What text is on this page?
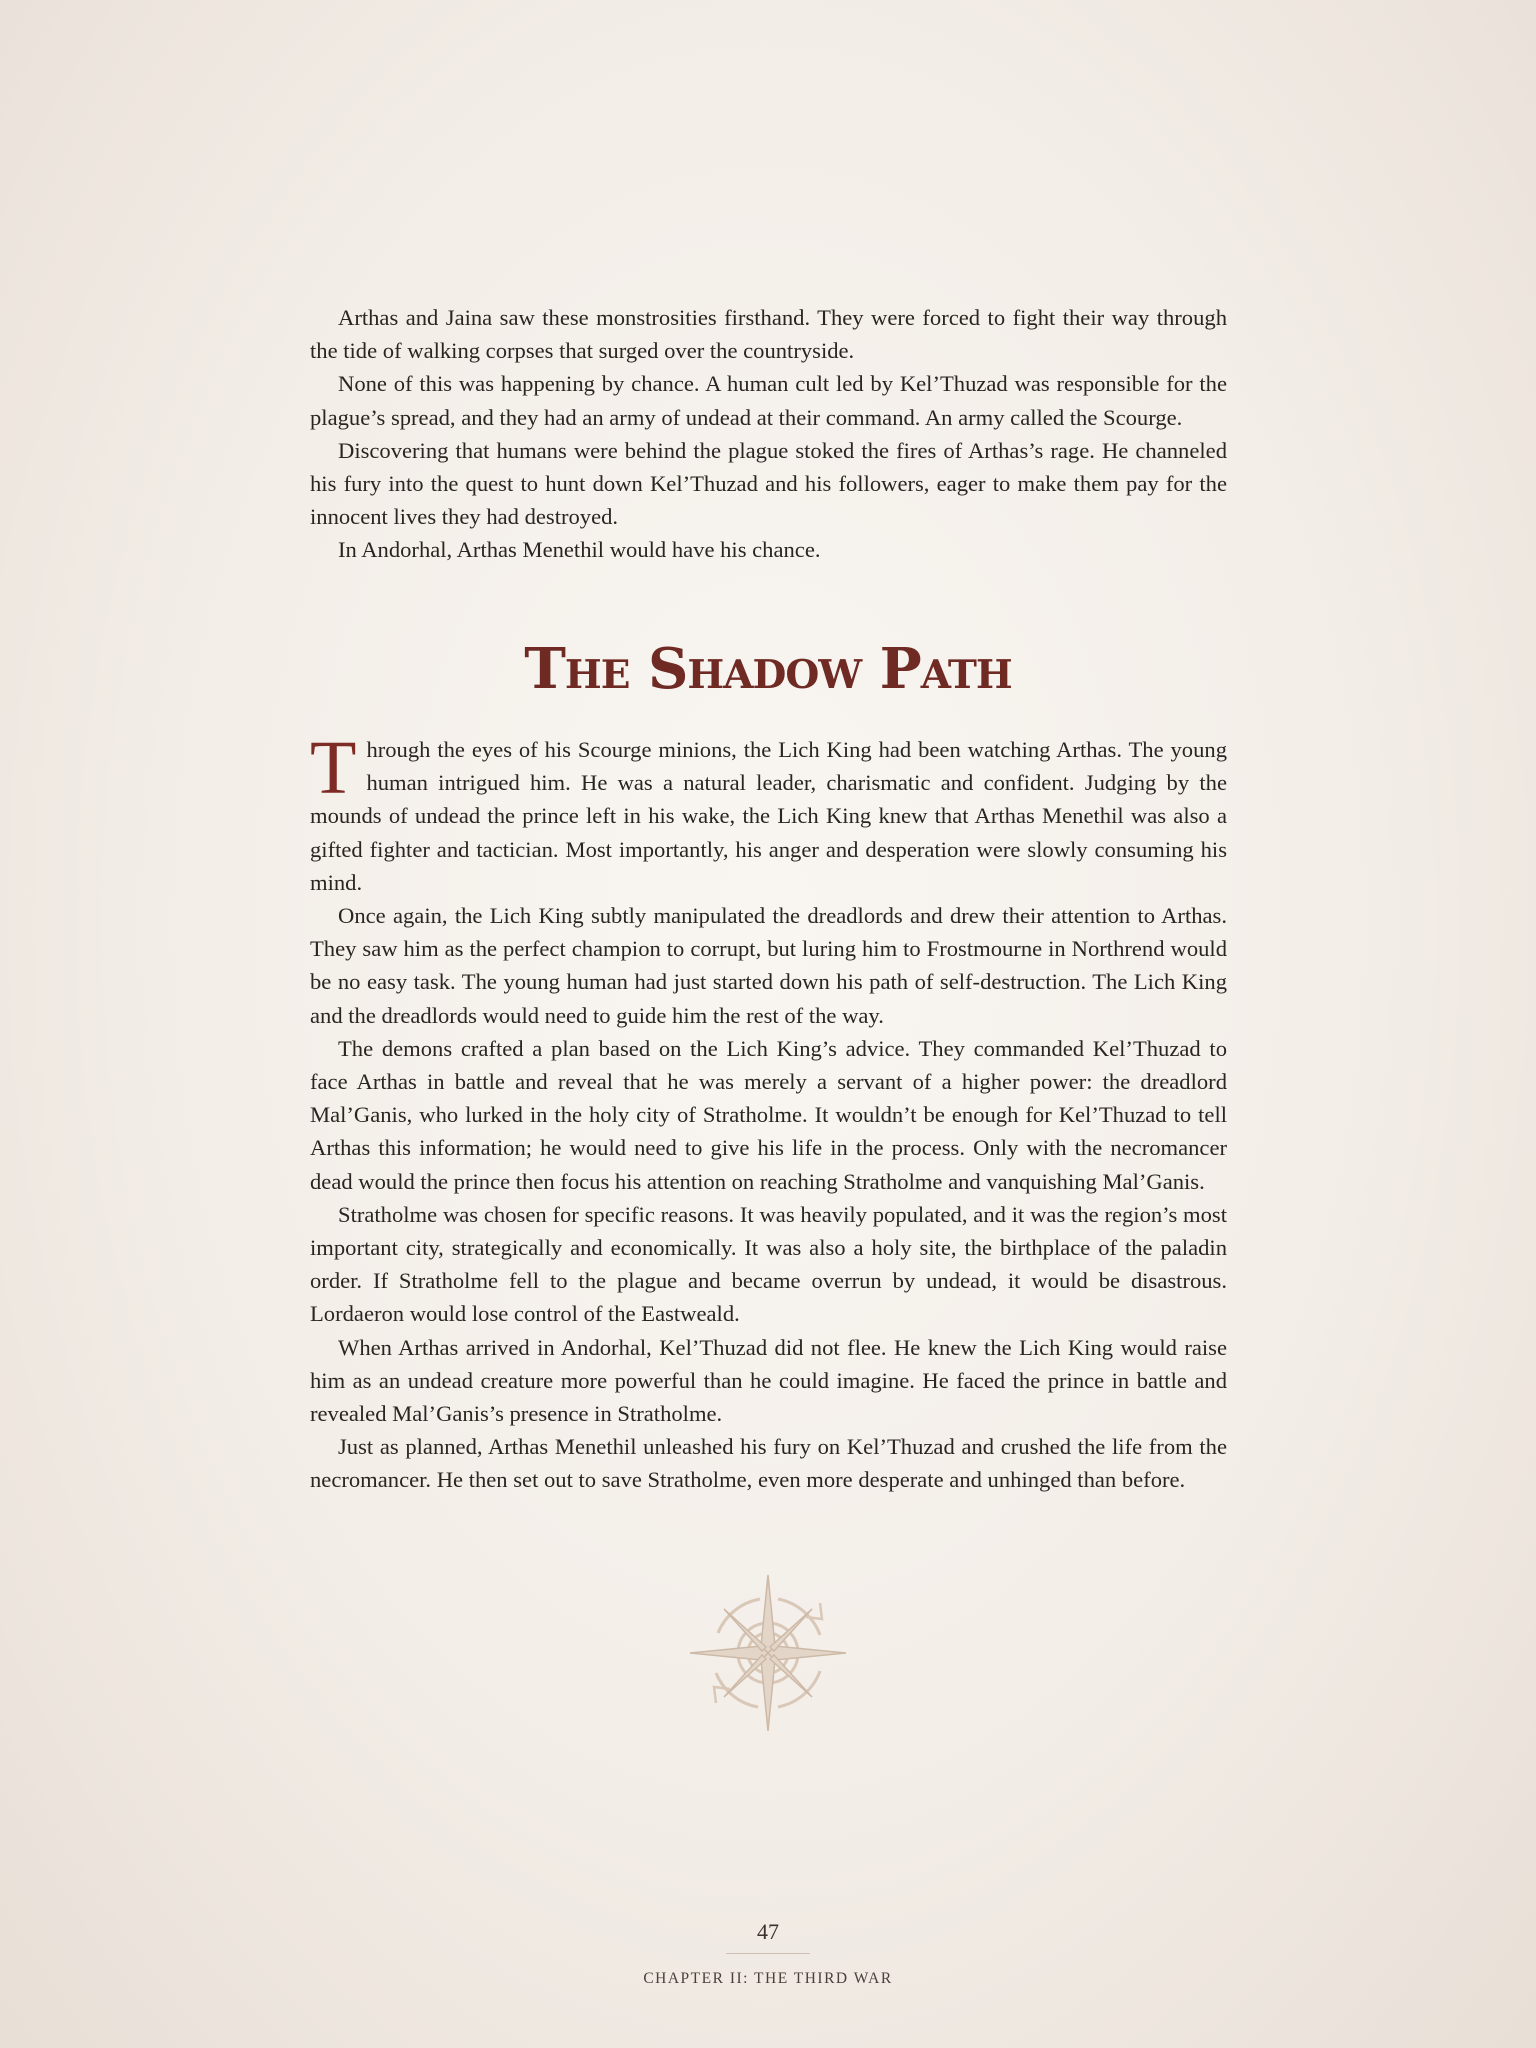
Arthas and Jaina saw these monstrosities firsthand. They were forced to fight their way through the tide of walking corpses that surged over the countryside.

None of this was happening by chance. A human cult led by Kel’Thuzad was responsible for the plague’s spread, and they had an army of undead at their command. An army called the Scourge.

Discovering that humans were behind the plague stoked the fires of Arthas’s rage. He channeled his fury into the quest to hunt down Kel’Thuzad and his followers, eager to make them pay for the innocent lives they had destroyed.

In Andorhal, Arthas Menethil would have his chance.

The Shadow Path

Through the eyes of his Scourge minions, the Lich King had been watching Arthas. The young human intrigued him. He was a natural leader, charismatic and confident. Judging by the mounds of undead the prince left in his wake, the Lich King knew that Arthas Menethil was also a gifted fighter and tactician. Most importantly, his anger and desperation were slowly consuming his mind.

Once again, the Lich King subtly manipulated the dreadlords and drew their attention to Arthas. They saw him as the perfect champion to corrupt, but luring him to Frostmourne in Northrend would be no easy task. The young human had just started down his path of self-destruction. The Lich King and the dreadlords would need to guide him the rest of the way.

The demons crafted a plan based on the Lich King’s advice. They commanded Kel’Thuzad to face Arthas in battle and reveal that he was merely a servant of a higher power: the dreadlord Mal’Ganis, who lurked in the holy city of Stratholme. It wouldn’t be enough for Kel’Thuzad to tell Arthas this information; he would need to give his life in the process. Only with the necromancer dead would the prince then focus his attention on reaching Stratholme and vanquishing Mal’Ganis.

Stratholme was chosen for specific reasons. It was heavily populated, and it was the region’s most important city, strategically and economically. It was also a holy site, the birthplace of the paladin order. If Stratholme fell to the plague and became overrun by undead, it would be disastrous. Lordaeron would lose control of the Eastweald.

When Arthas arrived in Andorhal, Kel’Thuzad did not flee. He knew the Lich King would raise him as an undead creature more powerful than he could imagine. He faced the prince in battle and revealed Mal’Ganis’s presence in Stratholme.

Just as planned, Arthas Menethil unleashed his fury on Kel’Thuzad and crushed the life from the necromancer. He then set out to save Stratholme, even more desperate and unhinged than before.

47
CHAPTER II: THE THIRD WAR
